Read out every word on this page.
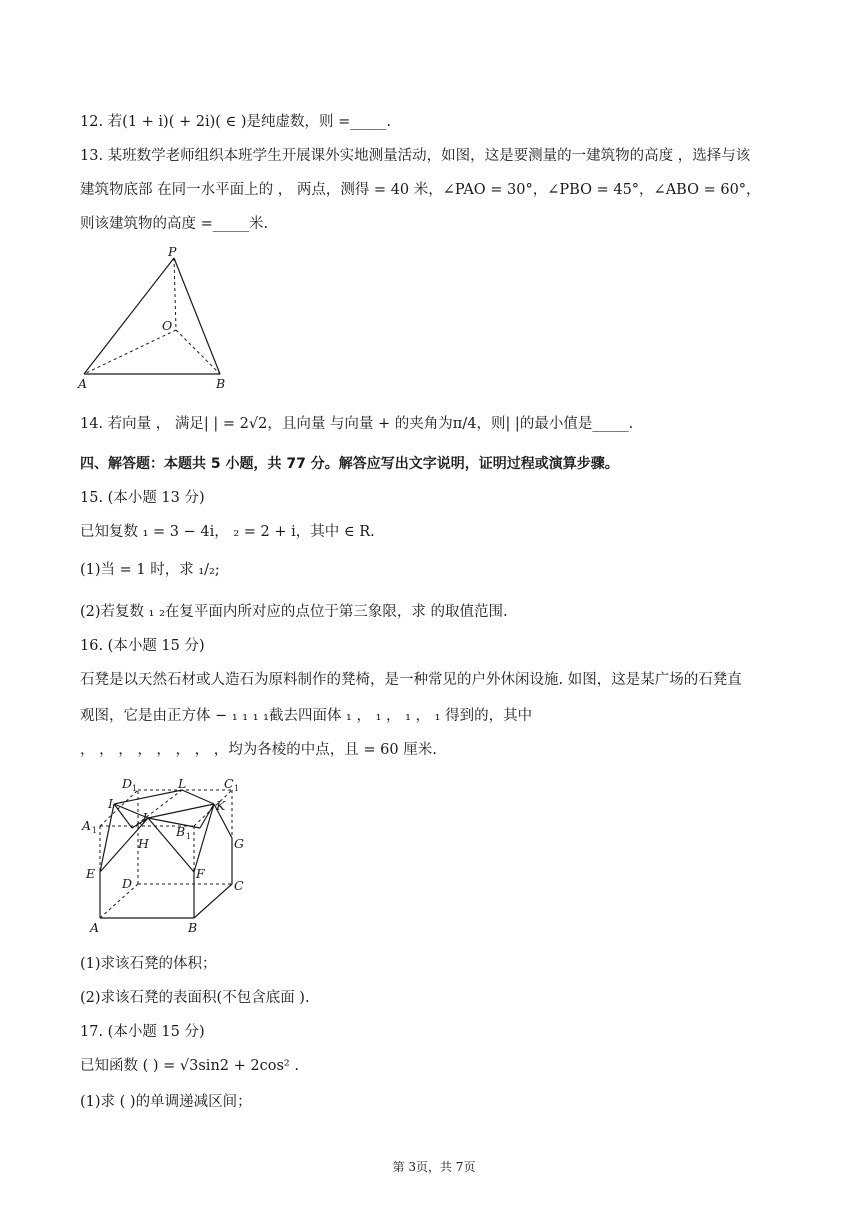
12. 若(1 + i)( + 2i)( ∈ )是纯虚数，则 =_____.
13. 某班数学老师组织本班学生开展课外实地测量活动，如图，这是要测量的一建筑物的高度 ，选择与该
建筑物底部 在同一水平面上的 ， 两点，测得 = 40 米，∠PAO = 30°，∠PBO = 45°，∠ABO = 60°，
则该建筑物的高度 =_____米.
P
O
A	B
14. 若向量 ， 满足| | = 2√2，且向量 与向量 + 的夹角为π/4，则| |的最小值是_____.
四、解答题：本题共 5 小题，共 77 分。解答应写出文字说明，证明过程或演算步骤。
15. (本小题 13 分)
已知复数 ₁ = 3 − 4i， ₂ = 2 + i，其中 ∈ R.
(1)当 = 1 时，求 ₁/₂;
(2)若复数 ₁ ₂在复平面内所对应的点位于第三象限，求 的取值范围.
16. (本小题 15 分)
石凳是以天然石材或人造石为原料制作的凳椅，是一种常见的户外休闲设施. 如图，这是某广场的石凳直
观图，它是由正方体 − ₁ ₁ ₁ ₁截去四面体 ₁ ， ₁ ， ₁ ， ₁ 得到的，其中
， ， ， ， ， ， ， ，均为各棱的中点，且 = 60 厘米.
D 1	L	C 1
I	K
J
A 1	B 1
H	G
E	F
D	C
A	B
(1)求该石凳的体积；
(2)求该石凳的表面积(不包含底面 ).
17. (本小题 15 分)
已知函数 ( ) = √3sin2 + 2cos² .
(1)求 ( )的单调递减区间；
第 3页，共 7页
